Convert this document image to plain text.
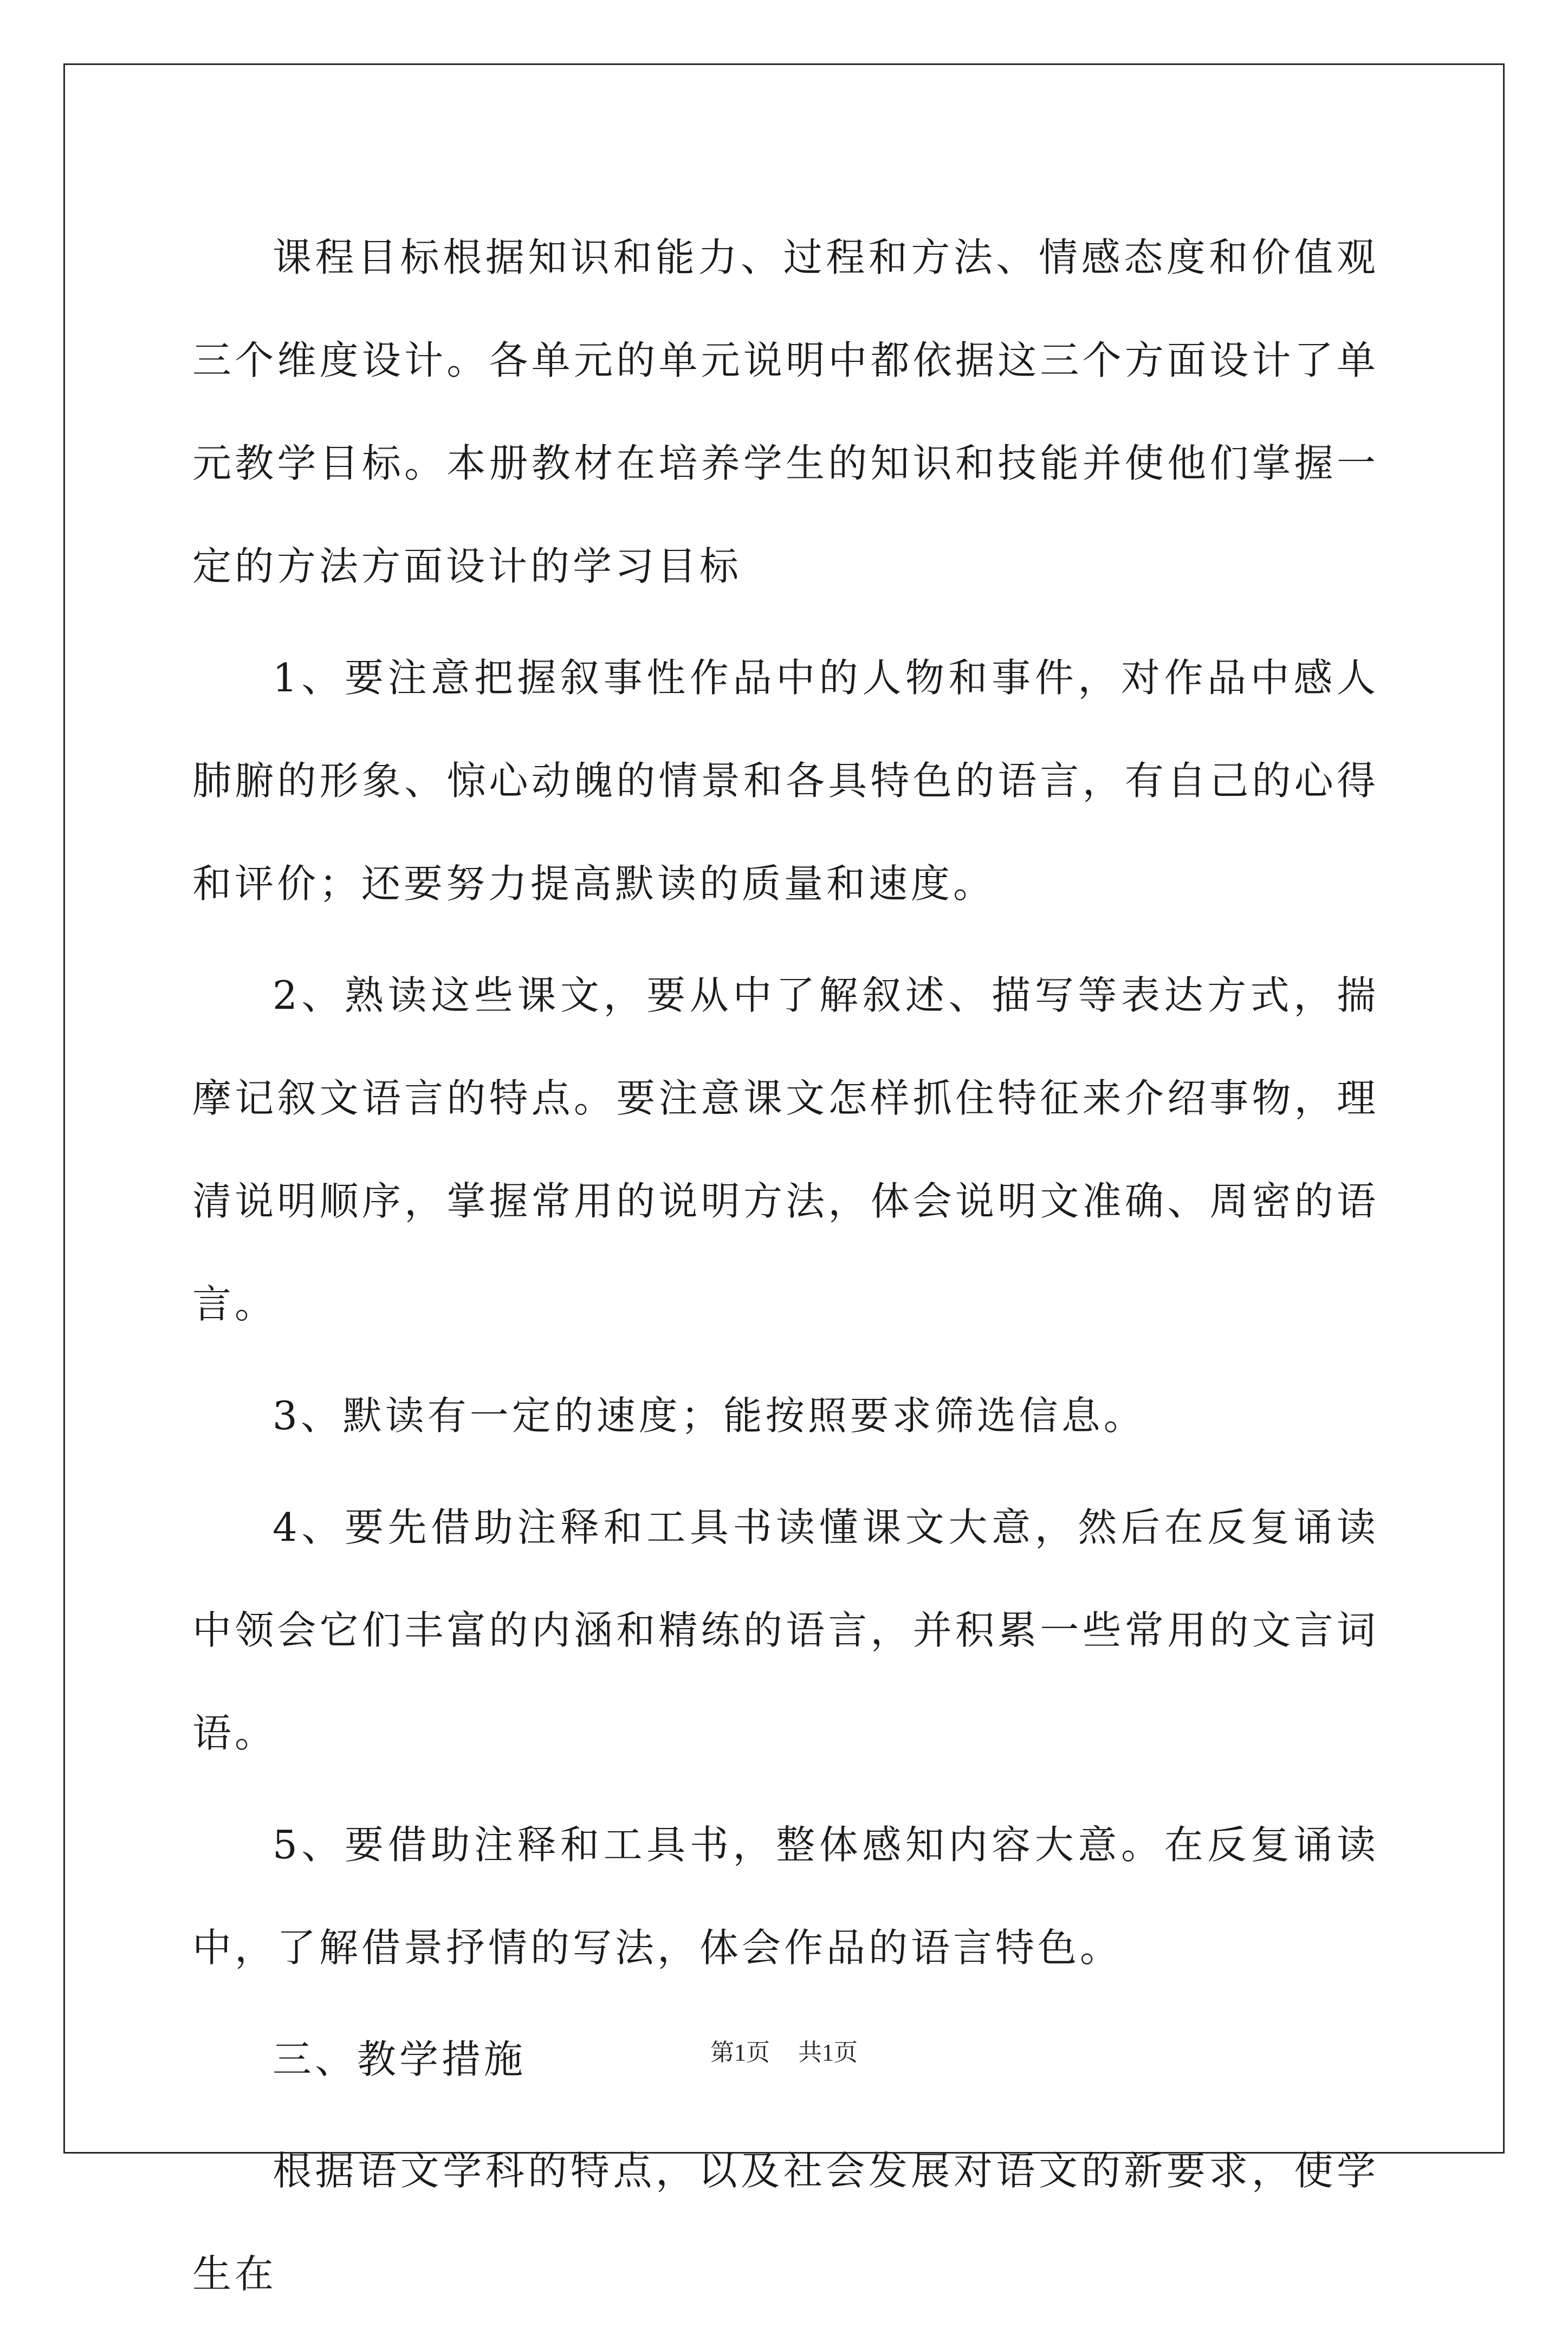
课程目标根据知识和能力、过程和方法、情感态度和价值观三个维度设计。各单元的单元说明中都依据这三个方面设计了单元教学目标。本册教材在培养学生的知识和技能并使他们掌握一定的方法方面设计的学习目标

1、要注意把握叙事性作品中的人物和事件，对作品中感人肺腑的形象、惊心动魄的情景和各具特色的语言，有自己的心得和评价；还要努力提高默读的质量和速度。

2、熟读这些课文，要从中了解叙述、描写等表达方式，揣摩记叙文语言的特点。要注意课文怎样抓住特征来介绍事物，理清说明顺序，掌握常用的说明方法，体会说明文准确、周密的语言。

3、默读有一定的速度；能按照要求筛选信息。

4、要先借助注释和工具书读懂课文大意，然后在反复诵读中领会它们丰富的内涵和精练的语言，并积累一些常用的文言词语。

5、要借助注释和工具书，整体感知内容大意。在反复诵读中，了解借景抒情的写法，体会作品的语言特色。

三、教学措施

根据语文学科的特点，以及社会发展对语文的新要求，使学生在

第1页 共1页
